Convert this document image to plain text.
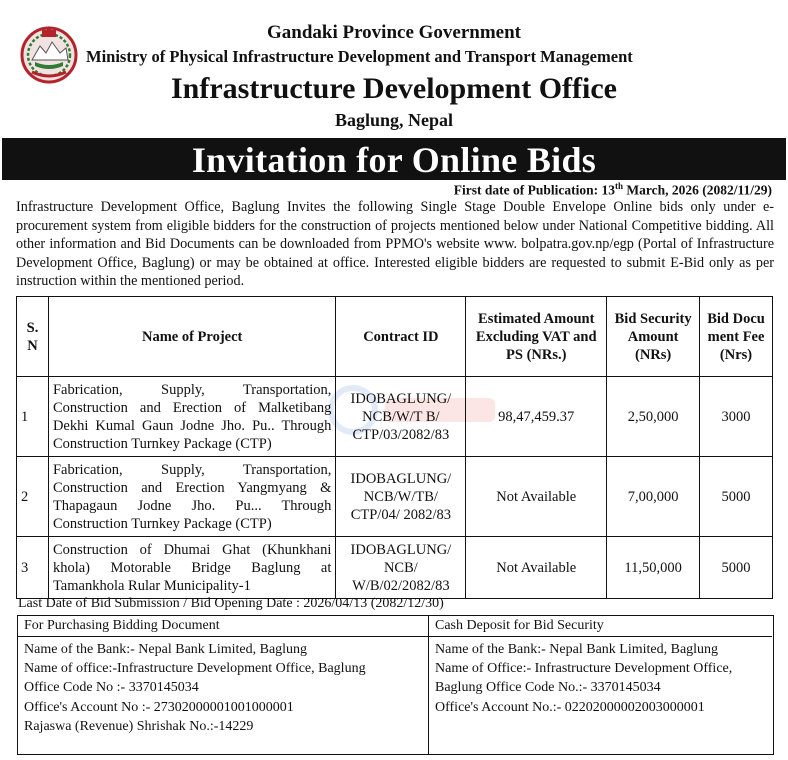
Gandaki Province Government
Ministry of Physical Infrastructure Development and Transport Management
Infrastructure Development Office
Baglung, Nepal
Invitation for Online Bids
First date of Publication: 13th March, 2026 (2082/11/29)
Infrastructure Development Office, Baglung Invites the following Single Stage Double Envelope Online bids only under e- procurement system from eligible bidders for the construction of projects mentioned below under National Competitive bidding. All other information and Bid Documents can be downloaded from PPMO's website www. bolpatra.gov.np/egp (Portal of Infrastructure Development Office, Baglung) or may be obtained at office. Interested eligible bidders are requested to submit E-Bid only as per instruction within the mentioned period.
S. N	Name of Project	Contract ID	Estimated Amount Excluding VAT and PS (NRs.)	Bid Security Amount (NRs)	Bid Docu ment Fee (Nrs)
1	Fabrication, Supply, Transportation, Construction and Erection of Malketibang Dekhi Kumal Gaun Jodne Jho. Pu.. Through Construction Turnkey Package (CTP)	IDOBAGLUNG/ NCB/W/T B/ CTP/03/2082/83	98,47,459.37	2,50,000	3000
2	Fabrication, Supply, Transportation, Construction and Erection Yangmyang & Thapagaun Jodne Jho. Pu... Through Construction Turnkey Package (CTP)	IDOBAGLUNG/ NCB/W/TB/ CTP/04/ 2082/83	Not Available	7,00,000	5000
3	Construction of Dhumai Ghat (Khunkhani khola) Motorable Bridge Baglung at Tamankhola Rular Municipality-1	IDOBAGLUNG/ NCB/ W/B/02/2082/83	Not Available	11,50,000	5000
Last Date of Bid Submission / Bid Opening Date : 2026/04/13 (2082/12/30)
For Purchasing Bidding Document
Name of the Bank:- Nepal Bank Limited, Baglung
Name of office:-Infrastructure Development Office, Baglung
Office Code No :- 3370145034
Office's Account No :- 27302000001001000001
Rajaswa (Revenue) Shrishak No.:-14229
Cash Deposit for Bid Security
Name of the Bank:- Nepal Bank Limited, Baglung
Name of Office:- Infrastructure Development Office, Baglung Office Code No.:- 3370145034
Office's Account No.:- 02202000002003000001
